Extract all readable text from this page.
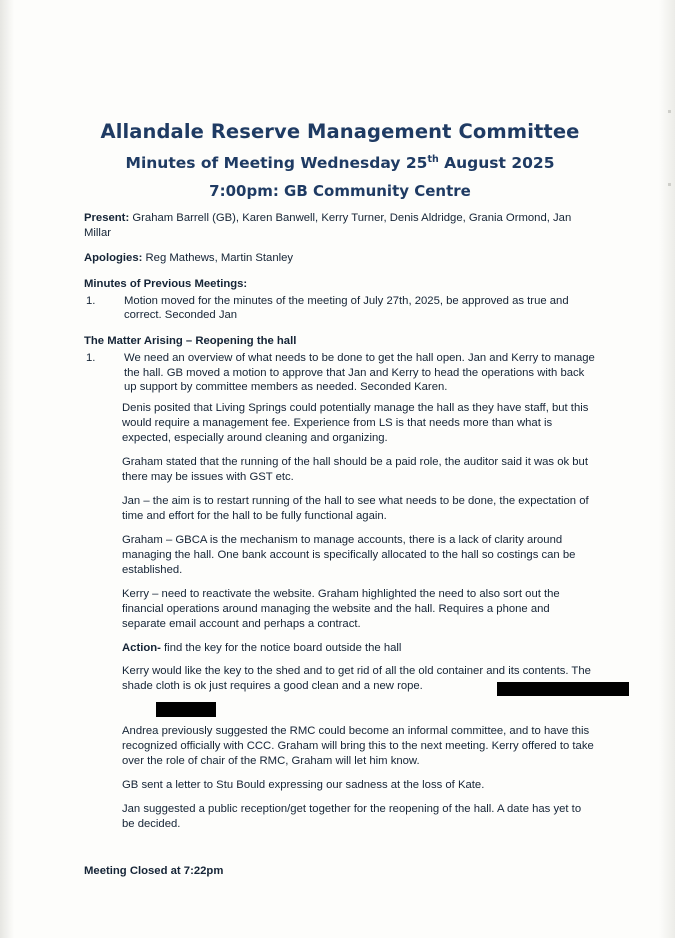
Allandale Reserve Management Committee
Minutes of Meeting Wednesday 25th August 2025
7:00pm: GB Community Centre
Present: Graham Barrell (GB), Karen Banwell, Kerry Turner, Denis Aldridge, Grania Ormond, Jan Millar
Apologies: Reg Mathews, Martin Stanley
Minutes of Previous Meetings:
1.	Motion moved for the minutes of the meeting of July 27th, 2025, be approved as true and correct. Seconded Jan
The Matter Arising – Reopening the hall
1.	We need an overview of what needs to be done to get the hall open. Jan and Kerry to manage the hall. GB moved a motion to approve that Jan and Kerry to head the operations with back up support by committee members as needed. Seconded Karen.
Denis posited that Living Springs could potentially manage the hall as they have staff, but this would require a management fee. Experience from LS is that needs more than what is expected, especially around cleaning and organizing.
Graham stated that the running of the hall should be a paid role, the auditor said it was ok but there may be issues with GST etc.
Jan – the aim is to restart running of the hall to see what needs to be done, the expectation of time and effort for the hall to be fully functional again.
Graham – GBCA is the mechanism to manage accounts, there is a lack of clarity around managing the hall. One bank account is specifically allocated to the hall so costings can be established.
Kerry – need to reactivate the website. Graham highlighted the need to also sort out the financial operations around managing the website and the hall. Requires a phone and separate email account and perhaps a contract.
Action- find the key for the notice board outside the hall
Kerry would like the key to the shed and to get rid of all the old container and its contents. The shade cloth is ok just requires a good clean and a new rope.
Andrea previously suggested the RMC could become an informal committee, and to have this recognized officially with CCC. Graham will bring this to the next meeting. Kerry offered to take over the role of chair of the RMC, Graham will let him know.
GB sent a letter to Stu Bould expressing our sadness at the loss of Kate.
Jan suggested a public reception/get together for the reopening of the hall. A date has yet to be decided.
Meeting Closed at 7:22pm
